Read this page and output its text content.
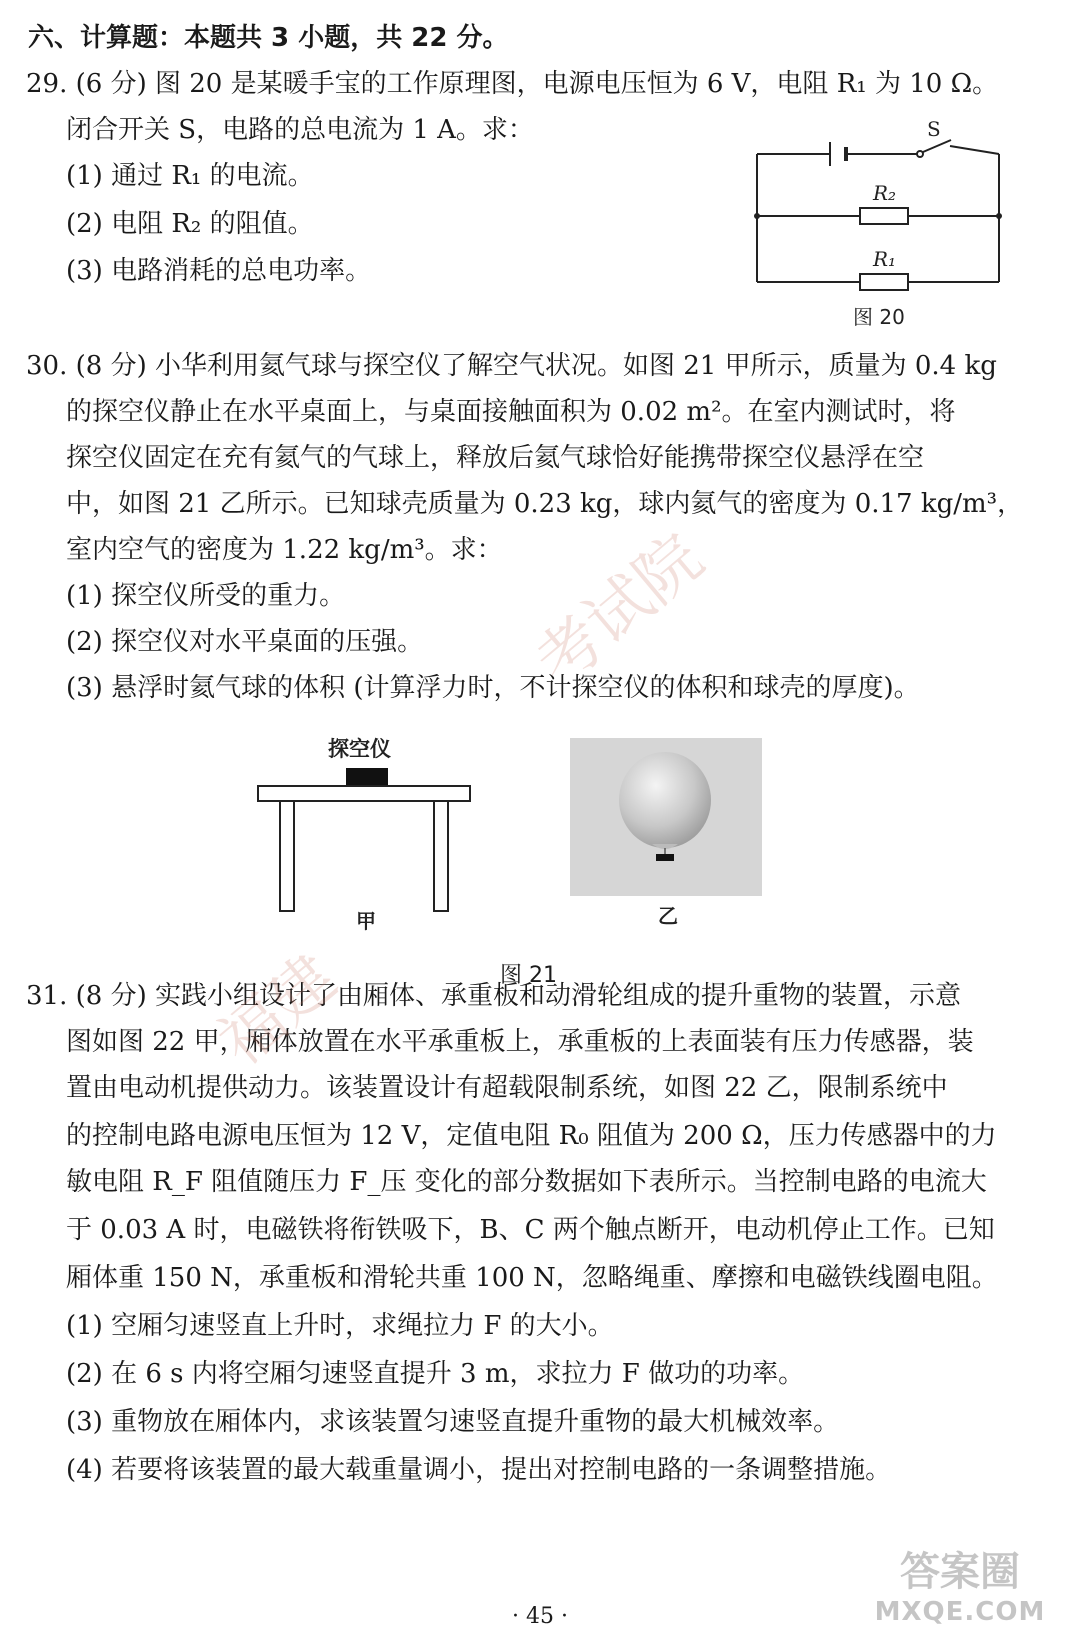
六、计算题：本题共 3 小题，共 22 分。
29. (6 分) 图 20 是某暖手宝的工作原理图，电源电压恒为 6 V，电阻 R₁ 为 10 Ω。
闭合开关 S，电路的总电流为 1 A。求：
(1) 通过 R₁ 的电流。
(2) 电阻 R₂ 的阻值。
(3) 电路消耗的总电功率。
S
R₂
R₁
图 20
30. (8 分) 小华利用氦气球与探空仪了解空气状况。如图 21 甲所示，质量为 0.4 kg
的探空仪静止在水平桌面上，与桌面接触面积为 0.02 m²。在室内测试时，将
探空仪固定在充有氦气的气球上，释放后氦气球恰好能携带探空仪悬浮在空
中，如图 21 乙所示。已知球壳质量为 0.23 kg，球内氦气的密度为 0.17 kg/m³，
室内空气的密度为 1.22 kg/m³。求：
(1) 探空仪所受的重力。
(2) 探空仪对水平桌面的压强。
(3) 悬浮时氦气球的体积 (计算浮力时，不计探空仪的体积和球壳的厚度)。
探空仪
甲	乙
图 21
31. (8 分) 实践小组设计了由厢体、承重板和动滑轮组成的提升重物的装置，示意
图如图 22 甲，厢体放置在水平承重板上，承重板的上表面装有压力传感器，装
置由电动机提供动力。该装置设计有超载限制系统，如图 22 乙，限制系统中
的控制电路电源电压恒为 12 V，定值电阻 R₀ 阻值为 200 Ω，压力传感器中的力
敏电阻 R_F 阻值随压力 F_压 变化的部分数据如下表所示。当控制电路的电流大
于 0.03 A 时，电磁铁将衔铁吸下，B、C 两个触点断开，电动机停止工作。已知
厢体重 150 N，承重板和滑轮共重 100 N，忽略绳重、摩擦和电磁铁线圈电阻。
(1) 空厢匀速竖直上升时，求绳拉力 F 的大小。
(2) 在 6 s 内将空厢匀速竖直提升 3 m，求拉力 F 做功的功率。
(3) 重物放在厢体内，求该装置匀速竖直提升重物的最大机械效率。
(4) 若要将该装置的最大载重量调小，提出对控制电路的一条调整措施。
考试院
福建
答案圈
MXQE.COM
· 45 ·
